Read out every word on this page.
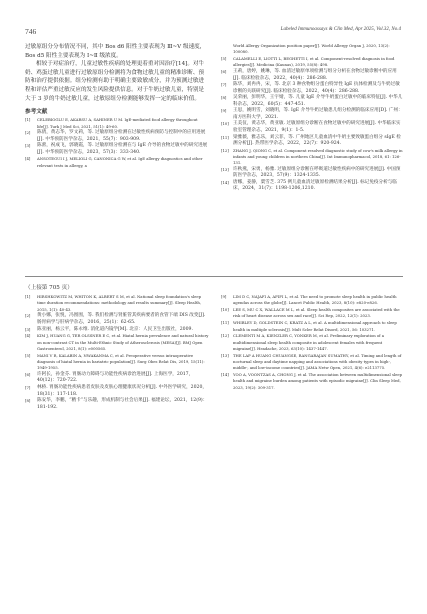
746	Labeled Immunoassays & Clin Med, Apr 2025, Vol.32, No.4

过敏原组分分布情况不同，其中 Bos d6 阳性主要表现为 Ⅲ~Ⅴ 级速度，Bos d5 阳性主要表现为 Ⅰ~Ⅱ 级浓度。

相较于对症治疗，儿童过敏性疾病的处理更着重对因治疗[14]。对牛奶、鸡蛋过敏儿童进行过敏原组分检测将为食物过敏儿童的精准诊断、预防和治疗提供依据。组分检测有助于明确主要致敏成分，并为预测过敏进程和评估严重过敏反应的发生风险提供信息。对于牛奶过敏儿童，特别是大于 3 岁的牛奶过敏儿童，过敏原组分检测能够发挥一定的临床价值。

参考文献
[1]	CELEBIOGLU E, AKARSU A, SAHINER U M. IgE-mediated food allergy throughout life[J]. Turk J Med Sci, 2021, 51(1): 49-60.
[2]	陈倩，黄志华，罗文莉，等. 过敏原组分检测在过敏性疾病预防与控制中的应用进展[J]. 中华预防医学杂志，2021，55(7)：903-909.
[3]	陈蕾，祝成飞，郭晓霞，等. 过敏原组分检测在与 IgE 介导的食物过敏中的研究进展[J]. 中华预防医学杂志，2023，57(3)：333-340.
[4]	ANSOTEGUI I J, MELIOLI G, CANONICA G W, et al. IgE allergy diagnostics and other relevant tests in allergy, a
World Allergy Organization position paper[J]. World Allergy Organ J, 2020, 13(2): 100080.
[5]	CALAMELLI E, LIOTTI L, BEGHETTI I, et al. Component-resolved diagnosis in food allergies[J]. Medicina (Kaunas), 2019, 55(8): 498.
[6]	王莉，唐婷，姚琳，等. 血清过敏原单项检测与组分分析在食物过敏诊断中的应用[J]. 临床检验杂志，2022，40(4)：286-288.
[7]	陈华，刘冉冉，宋，等. 北京 3 种食物组分蛋白特异性 IgE 抗体检测及与牛奶过敏诊断的关联研究[J]. 临床检验杂志，2022，40(4)：286-288.
[8]	吴荣丽，彭明华，王宇婧，等. 儿童 IgE 介导牛奶蛋白过敏中的临床特征[J]. 中华儿科杂志，2022，60(5)：447-451.
[9]	王思，姚明雪，刘晓明，等. IgE 介导牛奶过敏患儿组分检测的临床应用[D]. 广州：南方医科大学，2021.
[10] 王美仪，黄志华，黄亚敏. 过敏原组分诊断在食物过敏中的研究进展[J]. 中华临床实验室管理杂志，2021，9(1)：1-5.
[11] 梁雅薇，雅志乐，刘云菲，等. 广州地区儿童血清中牛奶主要致敏蛋白组分 sIgE 检测分析[J]. 热带医学杂志，2022，22(7)：920-924.
[12]	ZHANG J, QIONG C, et al. Component resolved diagnostic study of cow's milk allergy in infants and young children in northern China[J]. Int Immunopharmacol, 2018, 61: 126-131.
[13] 许秋燕，宋勇，杨雅. 过敏原组分诊断在呼吸道过敏性疾病中的研究进展[J]. 中国预防医学杂志，2023，57(9)：1324-1335.
[14] 唐娜，姜静，粟雪芝. 375 例儿童血清过敏原检测结果分析[J]. 标记免疫分析与临床，2024，31(7)：1198-1206,1210.
（上接第 705 页）
[1]	HIRSHKOWITZ M, WHITON K, ALBERT S M, et al. National sleep foundation's sleep time duration recommendations: methodology and results summary[J]. Sleep Health, 2015, 1(1): 40-43.
[2]	黄小娜，张悦，冯围围，等. 我们检测与肾脏管其疾病要者的食管下端 DIS 改变[J]. 肠胃病学与肝病学杂志，2016，25(1)：62-65.
[3]	陈亚丽，杨云平，陈永维. 消化道内镜学[M]. 北京：人民卫生出版社，2009.
[4]	KIM J, HUANG G, TER OLSSNER E C, et al. Hiatal hernia prevalence and natural history on non-contrast CT in the Multi-Ethnic Study of Atherosclerosis (MESA)[J]. BMJ Open Gastroenterol, 2021, 8(1): e000565.
[5]	MANI V R, KALABIN A, NWAKANMA C, et al. Preoperative versus intraoperative diagnosis of hiatal hernia in bariatric population[J]. Surg Obes Relat Dis, 2019, 15(11): 1949-1955.
[6]	许阿长，孙金芬. 胃肠动力障碍与功能性疾病诊治进展[J]. 上海医学，2017，40(12)：720-722.
[7]	林桥. 胃肠功能性疾病患者皮肤及皮肤心理健康状况分析[J]. 中外医学研究，2020，18(31)：117-118.
[8]	陈安华，李鹏，“精卡”与乐趣，形成机制与社会后果[J]. 福建论坛，2021，12(9)：181-192.
[9]	LIM D C, NAJAFI A, AFIFI L, et al. The need to promote sleep health in public health agendas across the globe[J]. Lancet Public Health, 2023, 8(10): e820-e826.
[10]	LEE S, MU C X, WALLACE M L, et al. Sleep health composites are associated with the risk of heart disease across sex and race[J]. Sci Rep, 2022, 12(1): 2023.
[11]	WHIBLEY D, GOLDSTEIN C, KRATZ A L, et al. A multidimensional approach to sleep health in multiple sclerosis[J]. Mult Scler Relat Disord, 2021, 56: 103271.
[12]	CLEMENTI M A, KIENZLER C, YONKER M, et al. Preliminary exploration of a multidimensional sleep health composite in adolescent females with frequent migraine[J]. Headache, 2023, 63(10): 1437-1447.
[13]	THE LAP A HUANG CHUANGSE, RANGARAJAN SUMATHY, et al. Timing and length of nocturnal sleep and daytime napping and associations with obesity types in high-, middle-, and low-income countries[J]. JAMA Netw Open, 2021, 4(6): e2113775.
[14]	YOO A, VOONTZAS A, CHONG J, et al. The association between multidimensional sleep health and migraine burden among patients with episodic migraine[J]. Clin Sleep Med, 2023, 19(2): 309-317.
